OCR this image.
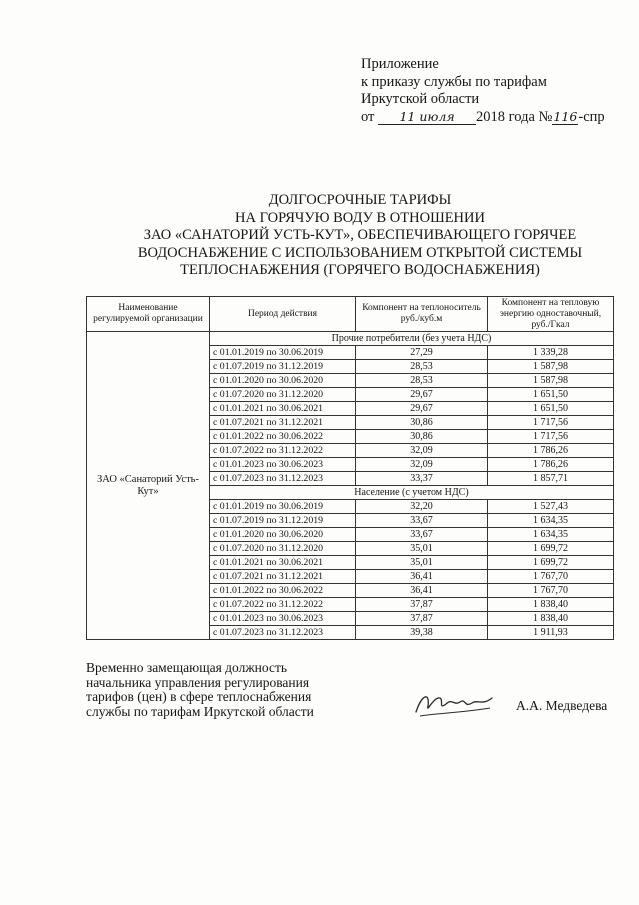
Приложение
к приказу службы по тарифам
Иркутской области
от 11 июля 2018 года №116-спр
ДОЛГОСРОЧНЫЕ ТАРИФЫ
НА ГОРЯЧУЮ ВОДУ В ОТНОШЕНИИ
ЗАО «САНАТОРИЙ УСТЬ-КУТ», ОБЕСПЕЧИВАЮЩЕГО ГОРЯЧЕЕ
ВОДОСНАБЖЕНИЕ С ИСПОЛЬЗОВАНИЕМ ОТКРЫТОЙ СИСТЕМЫ
ТЕПЛОСНАБЖЕНИЯ (ГОРЯЧЕГО ВОДОСНАБЖЕНИЯ)
Наименование регулируемой организации	Период действия	Компонент на теплоноситель руб./куб.м	Компонент на тепловую энергию одноставочный, руб./Гкал
ЗАО «Санаторий Усть-Кут»	Прочие потребители (без учета НДС)		
	с 01.01.2019 по 30.06.2019	27,29	1 339,28
	с 01.07.2019 по 31.12.2019	28,53	1 587,98
	с 01.01.2020 по 30.06.2020	28,53	1 587,98
	с 01.07.2020 по 31.12.2020	29,67	1 651,50
	с 01.01.2021 по 30.06.2021	29,67	1 651,50
	с 01.07.2021 по 31.12.2021	30,86	1 717,56
	с 01.01.2022 по 30.06.2022	30,86	1 717,56
	с 01.07.2022 по 31.12.2022	32,09	1 786,26
	с 01.01.2023 по 30.06.2023	32,09	1 786,26
	с 01.07.2023 по 31.12.2023	33,37	1 857,71
	Население (с учетом НДС)		
	с 01.01.2019 по 30.06.2019	32,20	1 527,43
	с 01.07.2019 по 31.12.2019	33,67	1 634,35
	с 01.01.2020 по 30.06.2020	33,67	1 634,35
	с 01.07.2020 по 31.12.2020	35,01	1 699,72
	с 01.01.2021 по 30.06.2021	35,01	1 699,72
	с 01.07.2021 по 31.12.2021	36,41	1 767,70
	с 01.01.2022 по 30.06.2022	36,41	1 767,70
	с 01.07.2022 по 31.12.2022	37,87	1 838,40
	с 01.01.2023 по 30.06.2023	37,87	1 838,40
	с 01.07.2023 по 31.12.2023	39,38	1 911,93
Временно замещающая должность
начальника управления регулирования
тарифов (цен) в сфере теплоснабжения
службы по тарифам Иркутской области	А.А. Медведева
